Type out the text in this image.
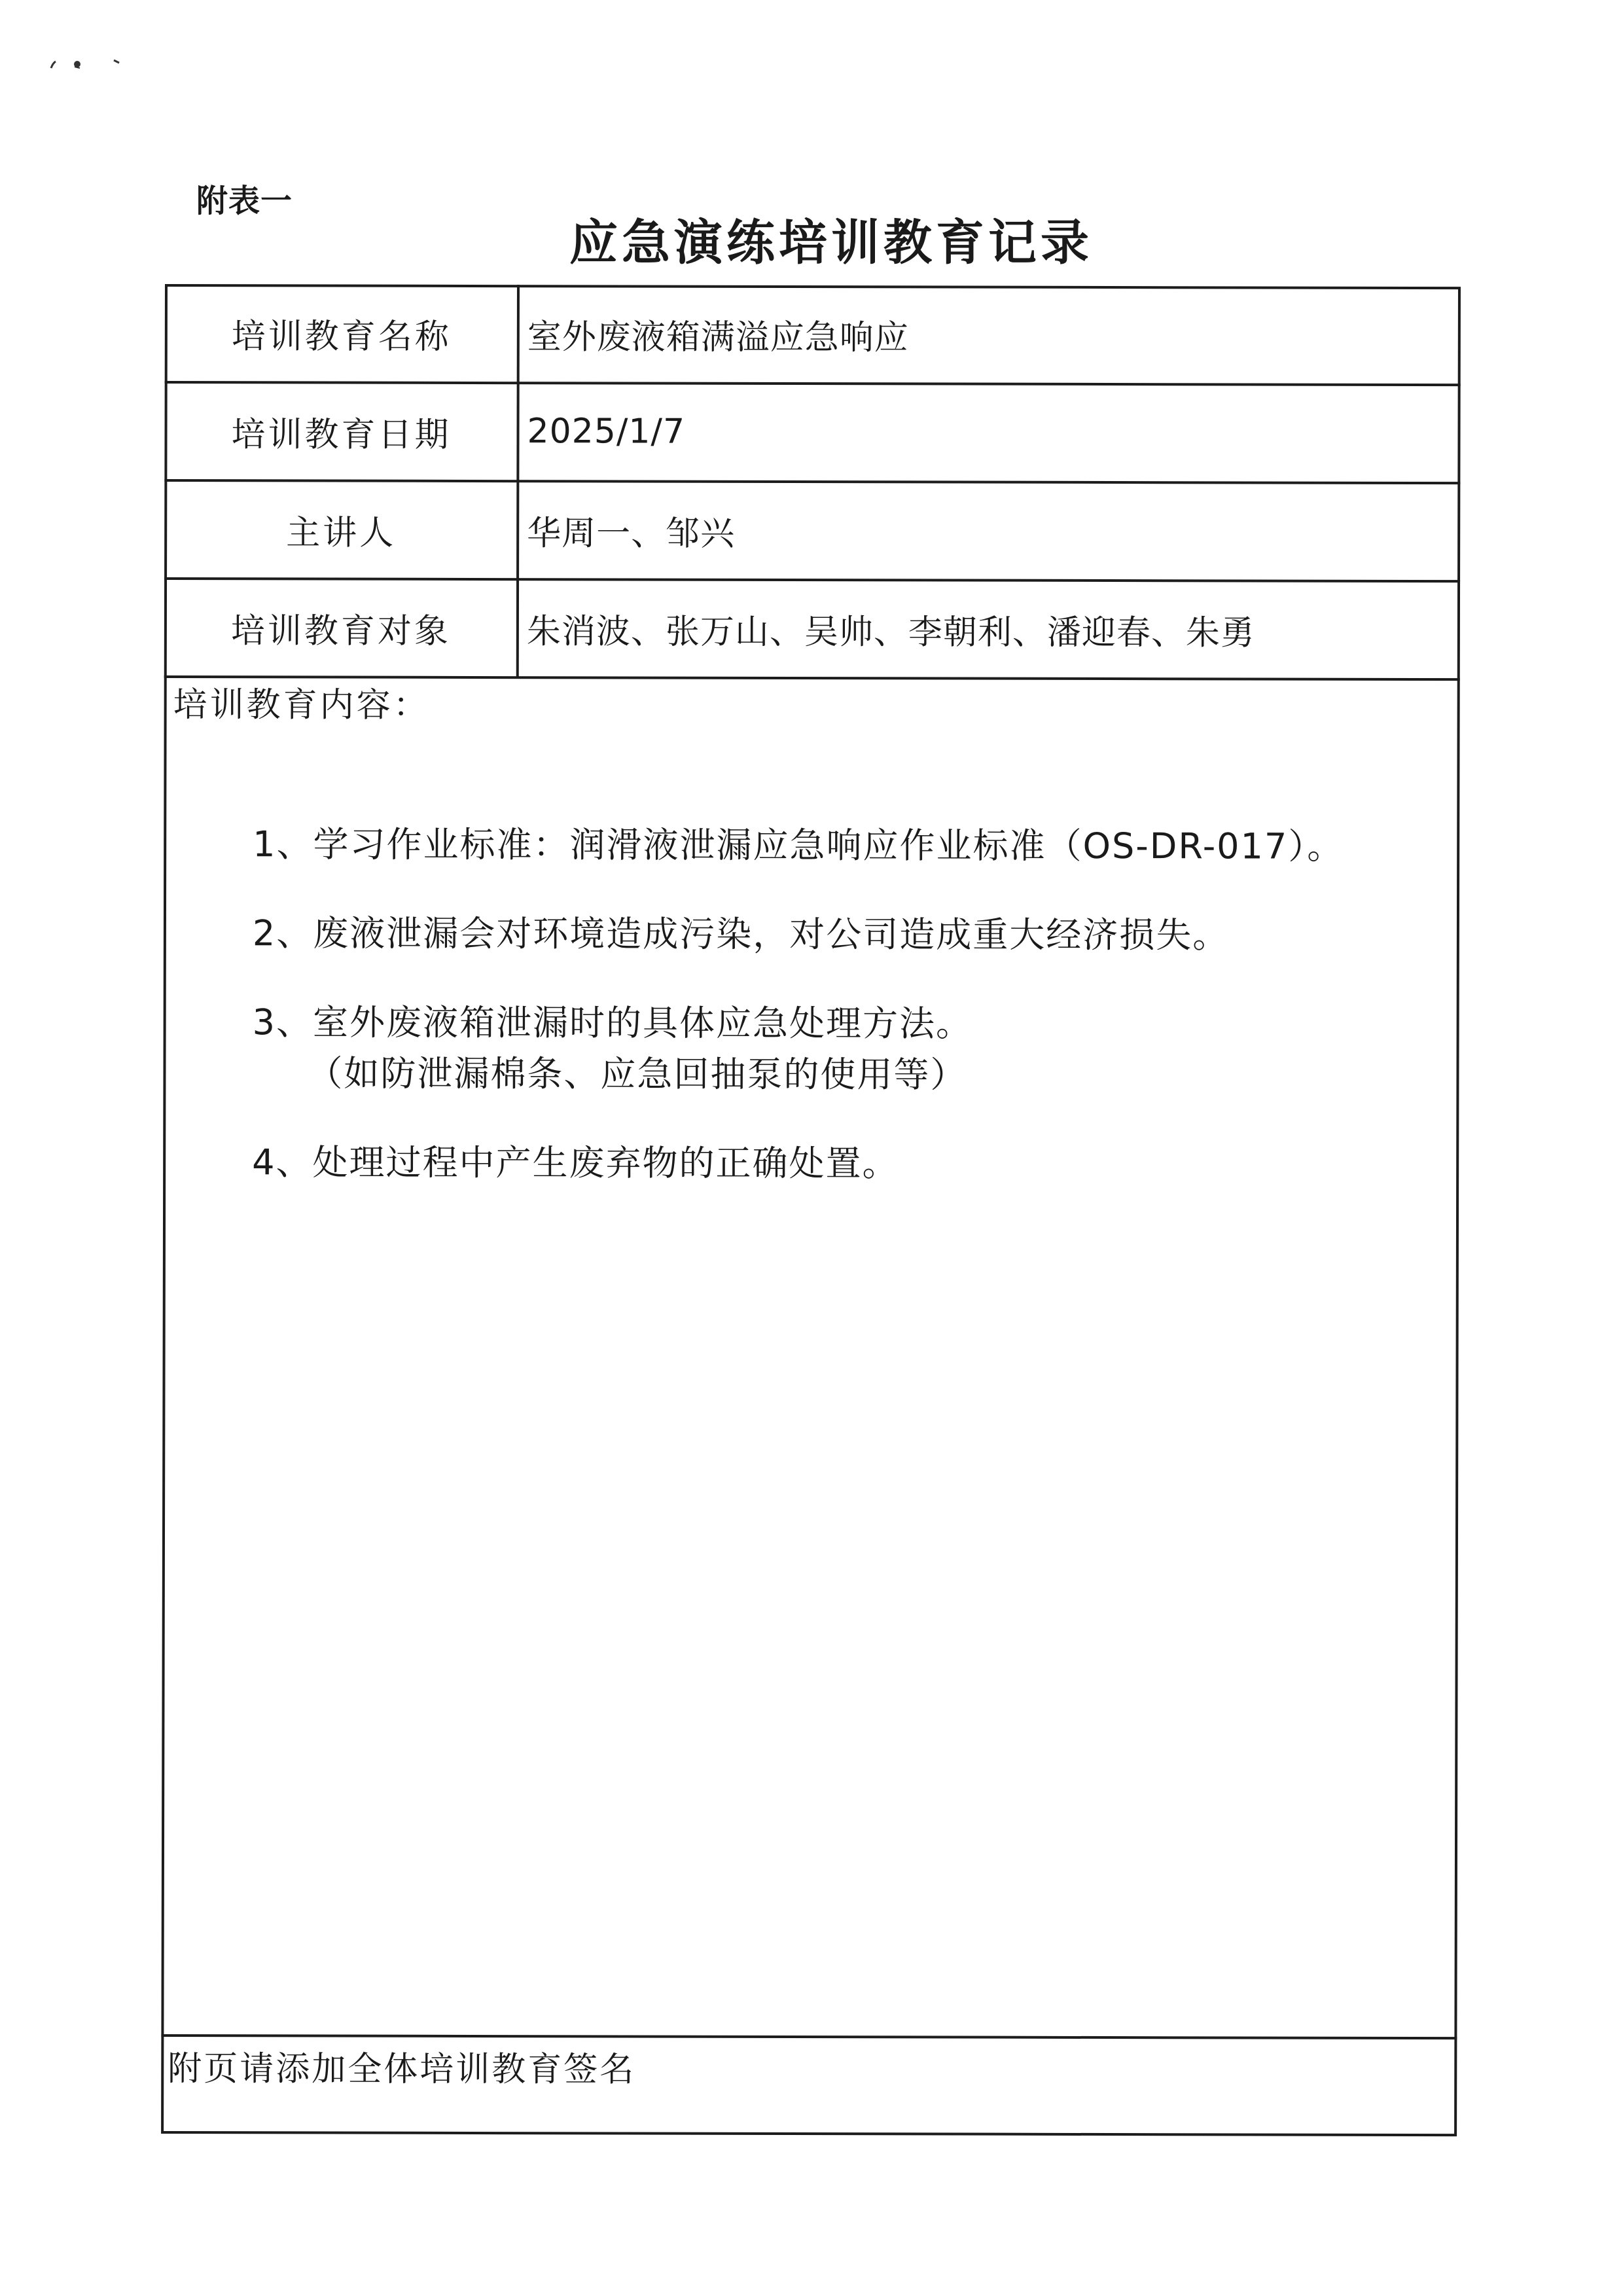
附表一
应急演练培训教育记录
培训教育名称	室外废液箱满溢应急响应
培训教育日期	2025/1/7
主讲人	华周一、邹兴
培训教育对象	朱消波、张万山、吴帅、李朝利、潘迎春、朱勇
培训教育内容：
1、学习作业标准：润滑液泄漏应急响应作业标准（OS-DR-017）。
2、废液泄漏会对环境造成污染，对公司造成重大经济损失。
3、室外废液箱泄漏时的具体应急处理方法。
（如防泄漏棉条、应急回抽泵的使用等）
4、处理过程中产生废弃物的正确处置。
附页请添加全体培训教育签名
